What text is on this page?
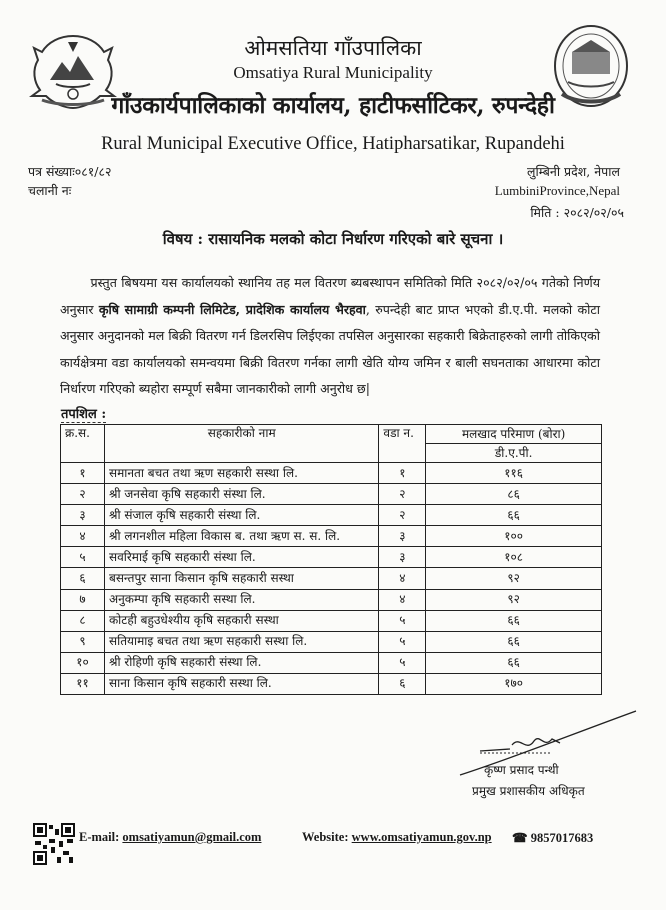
ओमसतिया गाँउपालिका
Omsatiya Rural Municipality
गाँउकार्यपालिकाको कार्यालय, हाटीफर्साटिकर, रुपन्देही
Rural Municipal Executive Office, Hatipharsatikar, Rupandehi
पत्र संख्याः०८१/८२
चलानी नः
लुम्बिनी प्रदेश, नेपाल
LumbiniProvince,Nepal
मिति : २०८२/०२/०५
विषय : रासायनिक मलको कोटा निर्धारण गरिएको बारे सूचना ।
प्रस्तुत बिषयमा यस कार्यालयको स्थानिय तह मल वितरण ब्यबस्थापन समितिको मिति २०८२/०२/०५ गतेको निर्णय अनुसार कृषि सामाग्री कम्पनी लिमिटेड, प्रादेशिक कार्यालय भैरहवा, रुपन्देही बाट प्राप्त भएको डी.ए.पी. मलको कोटा अनुसार अनुदानको मल बिक्री वितरण गर्न डिलरसिप लिईएका तपसिल अनुसारका सहकारी बिक्रेताहरुको लागी तोकिएको कार्यक्षेत्रमा वडा कार्यालयको समन्वयमा बिक्री वितरण गर्नका लागी खेति योग्य जमिन र बाली सघनताका आधारमा कोटा निर्धारण गरिएको ब्यहोरा सम्पूर्ण सबैमा जानकारीको लागी अनुरोध छ|
तपशिल :
क्र.स.	सहकारीको नाम	वडा न.	मलखाद परिमाण (बोरा)
			डी.ए.पी.
१	समानता बचत तथा ऋण सहकारी सस्था लि.	१	११६
२	श्री जनसेवा कृषि सहकारी संस्था लि.	२	८६
३	श्री संजाल कृषि सहकारी संस्था लि.	२	६६
४	श्री लगनशील महिला विकास ब. तथा ऋण स. स. लि.	३	१००
५	सवरिमाई कृषि सहकारी संस्था लि.	३	१०८
६	बसन्तपुर साना किसान कृषि सहकारी सस्था	४	९२
७	अनुकम्पा कृषि सहकारी सस्था लि.	४	९२
८	कोटही बहुउधेश्यीय कृषि सहकारी सस्था	५	६६
९	सतियामाइ बचत तथा ऋण सहकारी सस्था लि.	५	६६
१०	श्री रोहिणी कृषि सहकारी संस्था लि.	५	६६
११	साना किसान कृषि सहकारी सस्था लि.	६	१७०
कृष्ण प्रसाद पन्थी
प्रमुख प्रशासकीय अधिकृत
E-mail: omsatiyamun@gmail.com	Website: www.omsatiyamun.gov.np ☎ 9857017683
